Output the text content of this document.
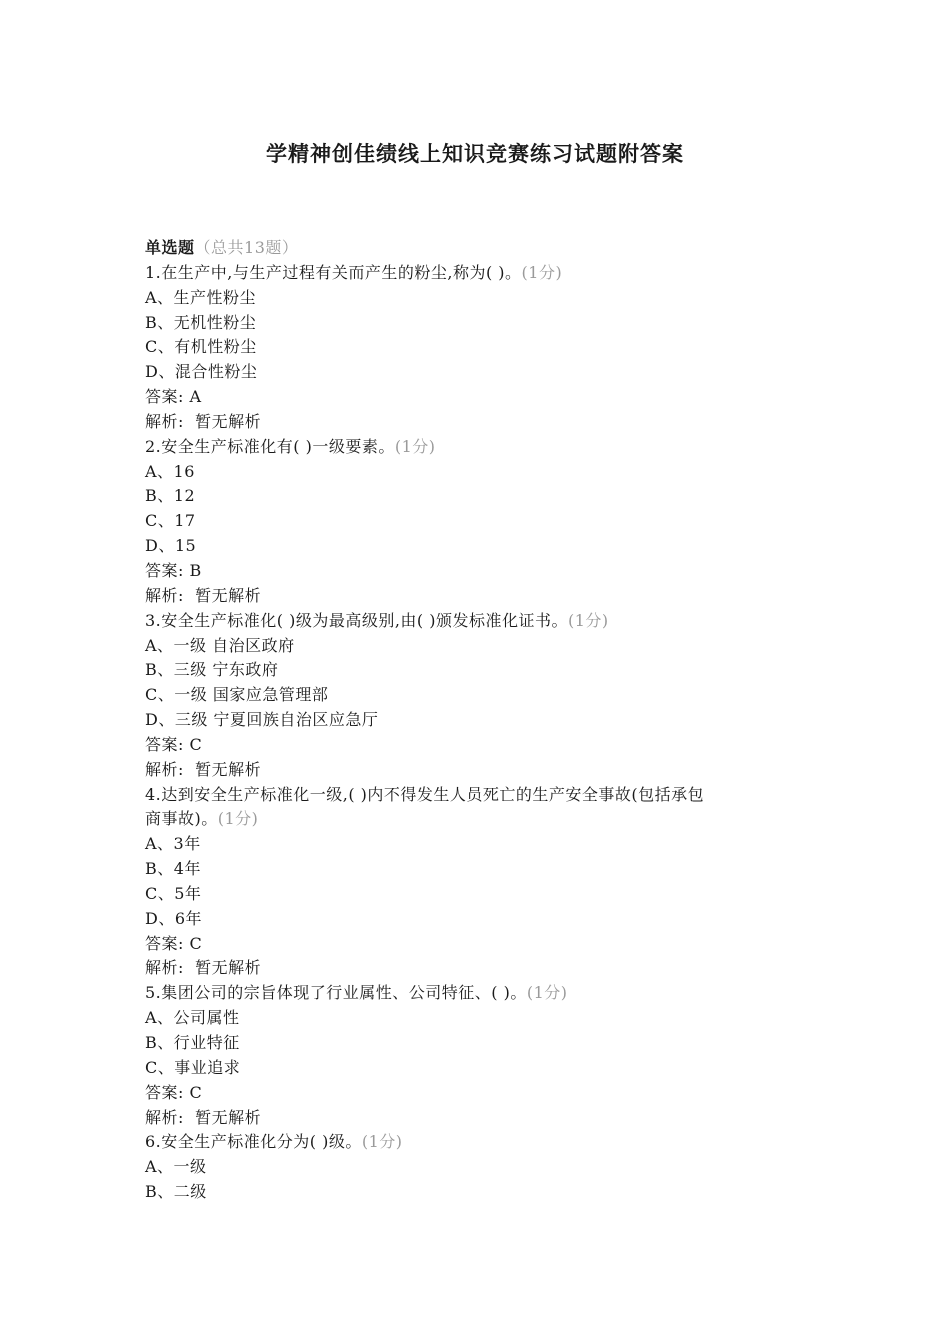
学精神创佳绩线上知识竞赛练习试题附答案
单选题（总共13题）
1.在生产中,与生产过程有关而产生的粉尘,称为( )。(1分)
A、生产性粉尘
B、无机性粉尘
C、有机性粉尘
D、混合性粉尘
答案: A
解析:  暂无解析
2.安全生产标准化有( )一级要素。(1分)
A、16
B、12
C、17
D、15
答案: B
解析:  暂无解析
3.安全生产标准化( )级为最高级别,由( )颁发标准化证书。(1分)
A、一级 自治区政府
B、三级 宁东政府
C、一级 国家应急管理部
D、三级 宁夏回族自治区应急厅
答案: C
解析:  暂无解析
4.达到安全生产标准化一级,( )内不得发生人员死亡的生产安全事故(包括承包
商事故)。(1分)
A、3年
B、4年
C、5年
D、6年
答案: C
解析:  暂无解析
5.集团公司的宗旨体现了行业属性、公司特征、( )。(1分)
A、公司属性
B、行业特征
C、事业追求
答案: C
解析:  暂无解析
6.安全生产标准化分为( )级。(1分)
A、一级
B、二级
